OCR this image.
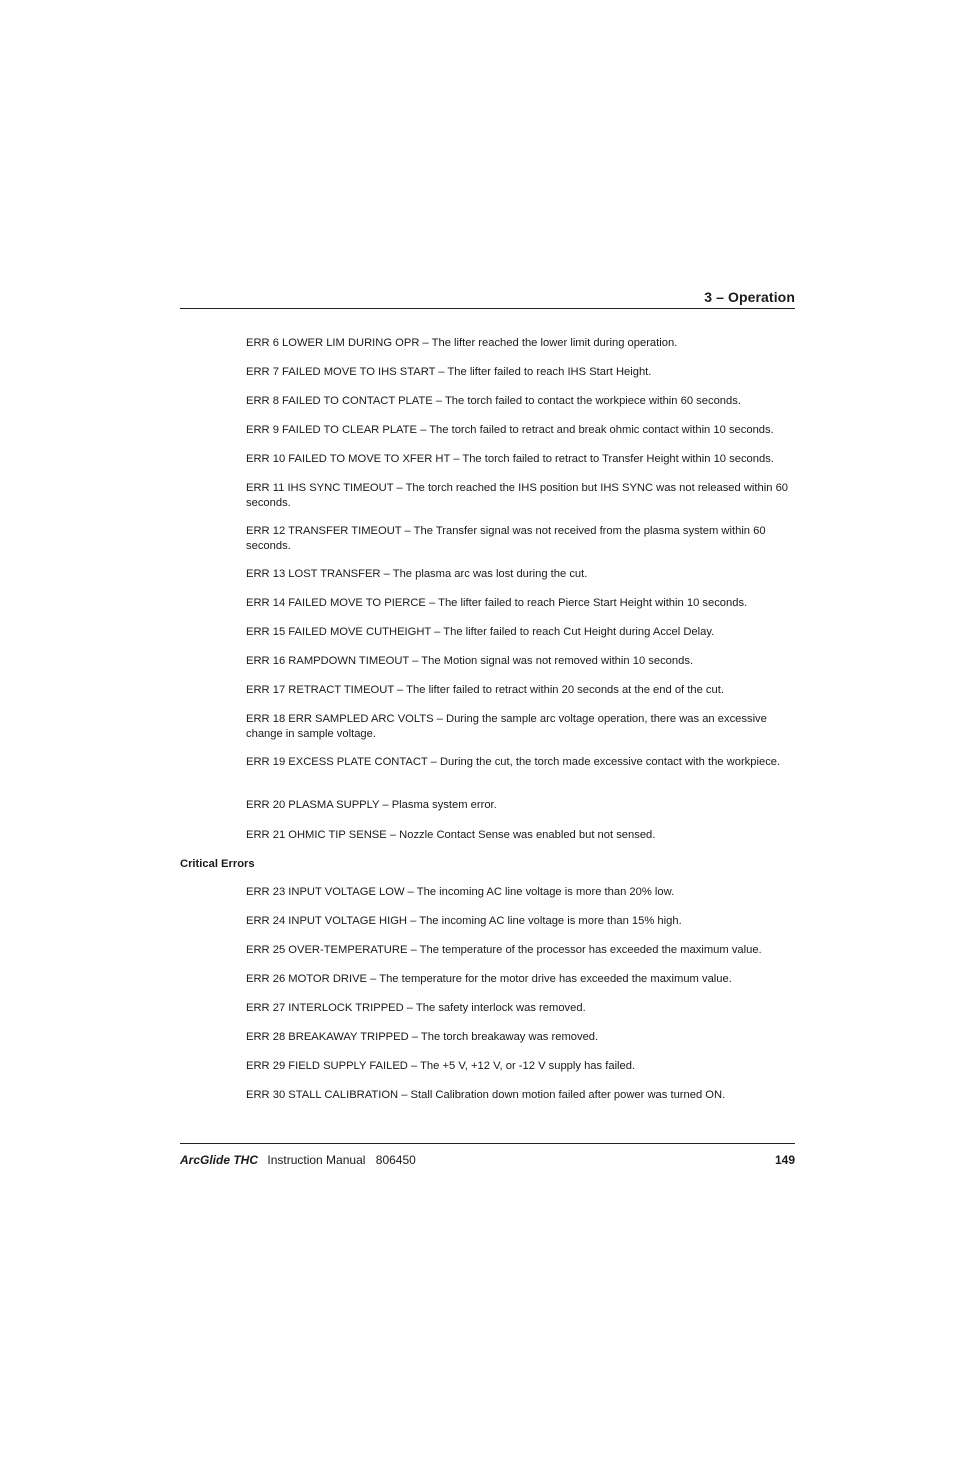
3 – Operation

ERR 6 LOWER LIM DURING OPR – The lifter reached the lower limit during operation.

ERR 7 FAILED MOVE TO IHS START – The lifter failed to reach IHS Start Height.

ERR 8 FAILED TO CONTACT PLATE – The torch failed to contact the workpiece within 60 seconds.

ERR 9 FAILED TO CLEAR PLATE – The torch failed to retract and break ohmic contact within 10 seconds.

ERR 10 FAILED TO MOVE TO XFER HT – The torch failed to retract to Transfer Height within 10 seconds.

ERR 11 IHS SYNC TIMEOUT – The torch reached the IHS position but IHS SYNC was not released within 60 seconds.

ERR 12 TRANSFER TIMEOUT – The Transfer signal was not received from the plasma system within 60 seconds.

ERR 13 LOST TRANSFER – The plasma arc was lost during the cut.

ERR 14 FAILED MOVE TO PIERCE – The lifter failed to reach Pierce Start Height within 10 seconds.

ERR 15 FAILED MOVE CUTHEIGHT – The lifter failed to reach Cut Height during Accel Delay.

ERR 16 RAMPDOWN TIMEOUT – The Motion signal was not removed within 10 seconds.

ERR 17 RETRACT TIMEOUT – The lifter failed to retract within 20 seconds at the end of the cut.

ERR 18 ERR SAMPLED ARC VOLTS – During the sample arc voltage operation, there was an excessive change in sample voltage.

ERR 19 EXCESS PLATE CONTACT – During the cut, the torch made excessive contact with the workpiece.

ERR 20 PLASMA SUPPLY – Plasma system error.

ERR 21 OHMIC TIP SENSE – Nozzle Contact Sense was enabled but not sensed.

Critical Errors

ERR 23 INPUT VOLTAGE LOW – The incoming AC line voltage is more than 20% low.

ERR 24 INPUT VOLTAGE HIGH – The incoming AC line voltage is more than 15% high.

ERR 25 OVER-TEMPERATURE – The temperature of the processor has exceeded the maximum value.

ERR 26 MOTOR DRIVE – The temperature for the motor drive has exceeded the maximum value.

ERR 27 INTERLOCK TRIPPED – The safety interlock was removed.

ERR 28 BREAKAWAY TRIPPED – The torch breakaway was removed.

ERR 29 FIELD SUPPLY FAILED – The +5 V, +12 V, or -12 V supply has failed.

ERR 30 STALL CALIBRATION – Stall Calibration down motion failed after power was turned ON.

ArcGlide THC Instruction Manual 806450	149
